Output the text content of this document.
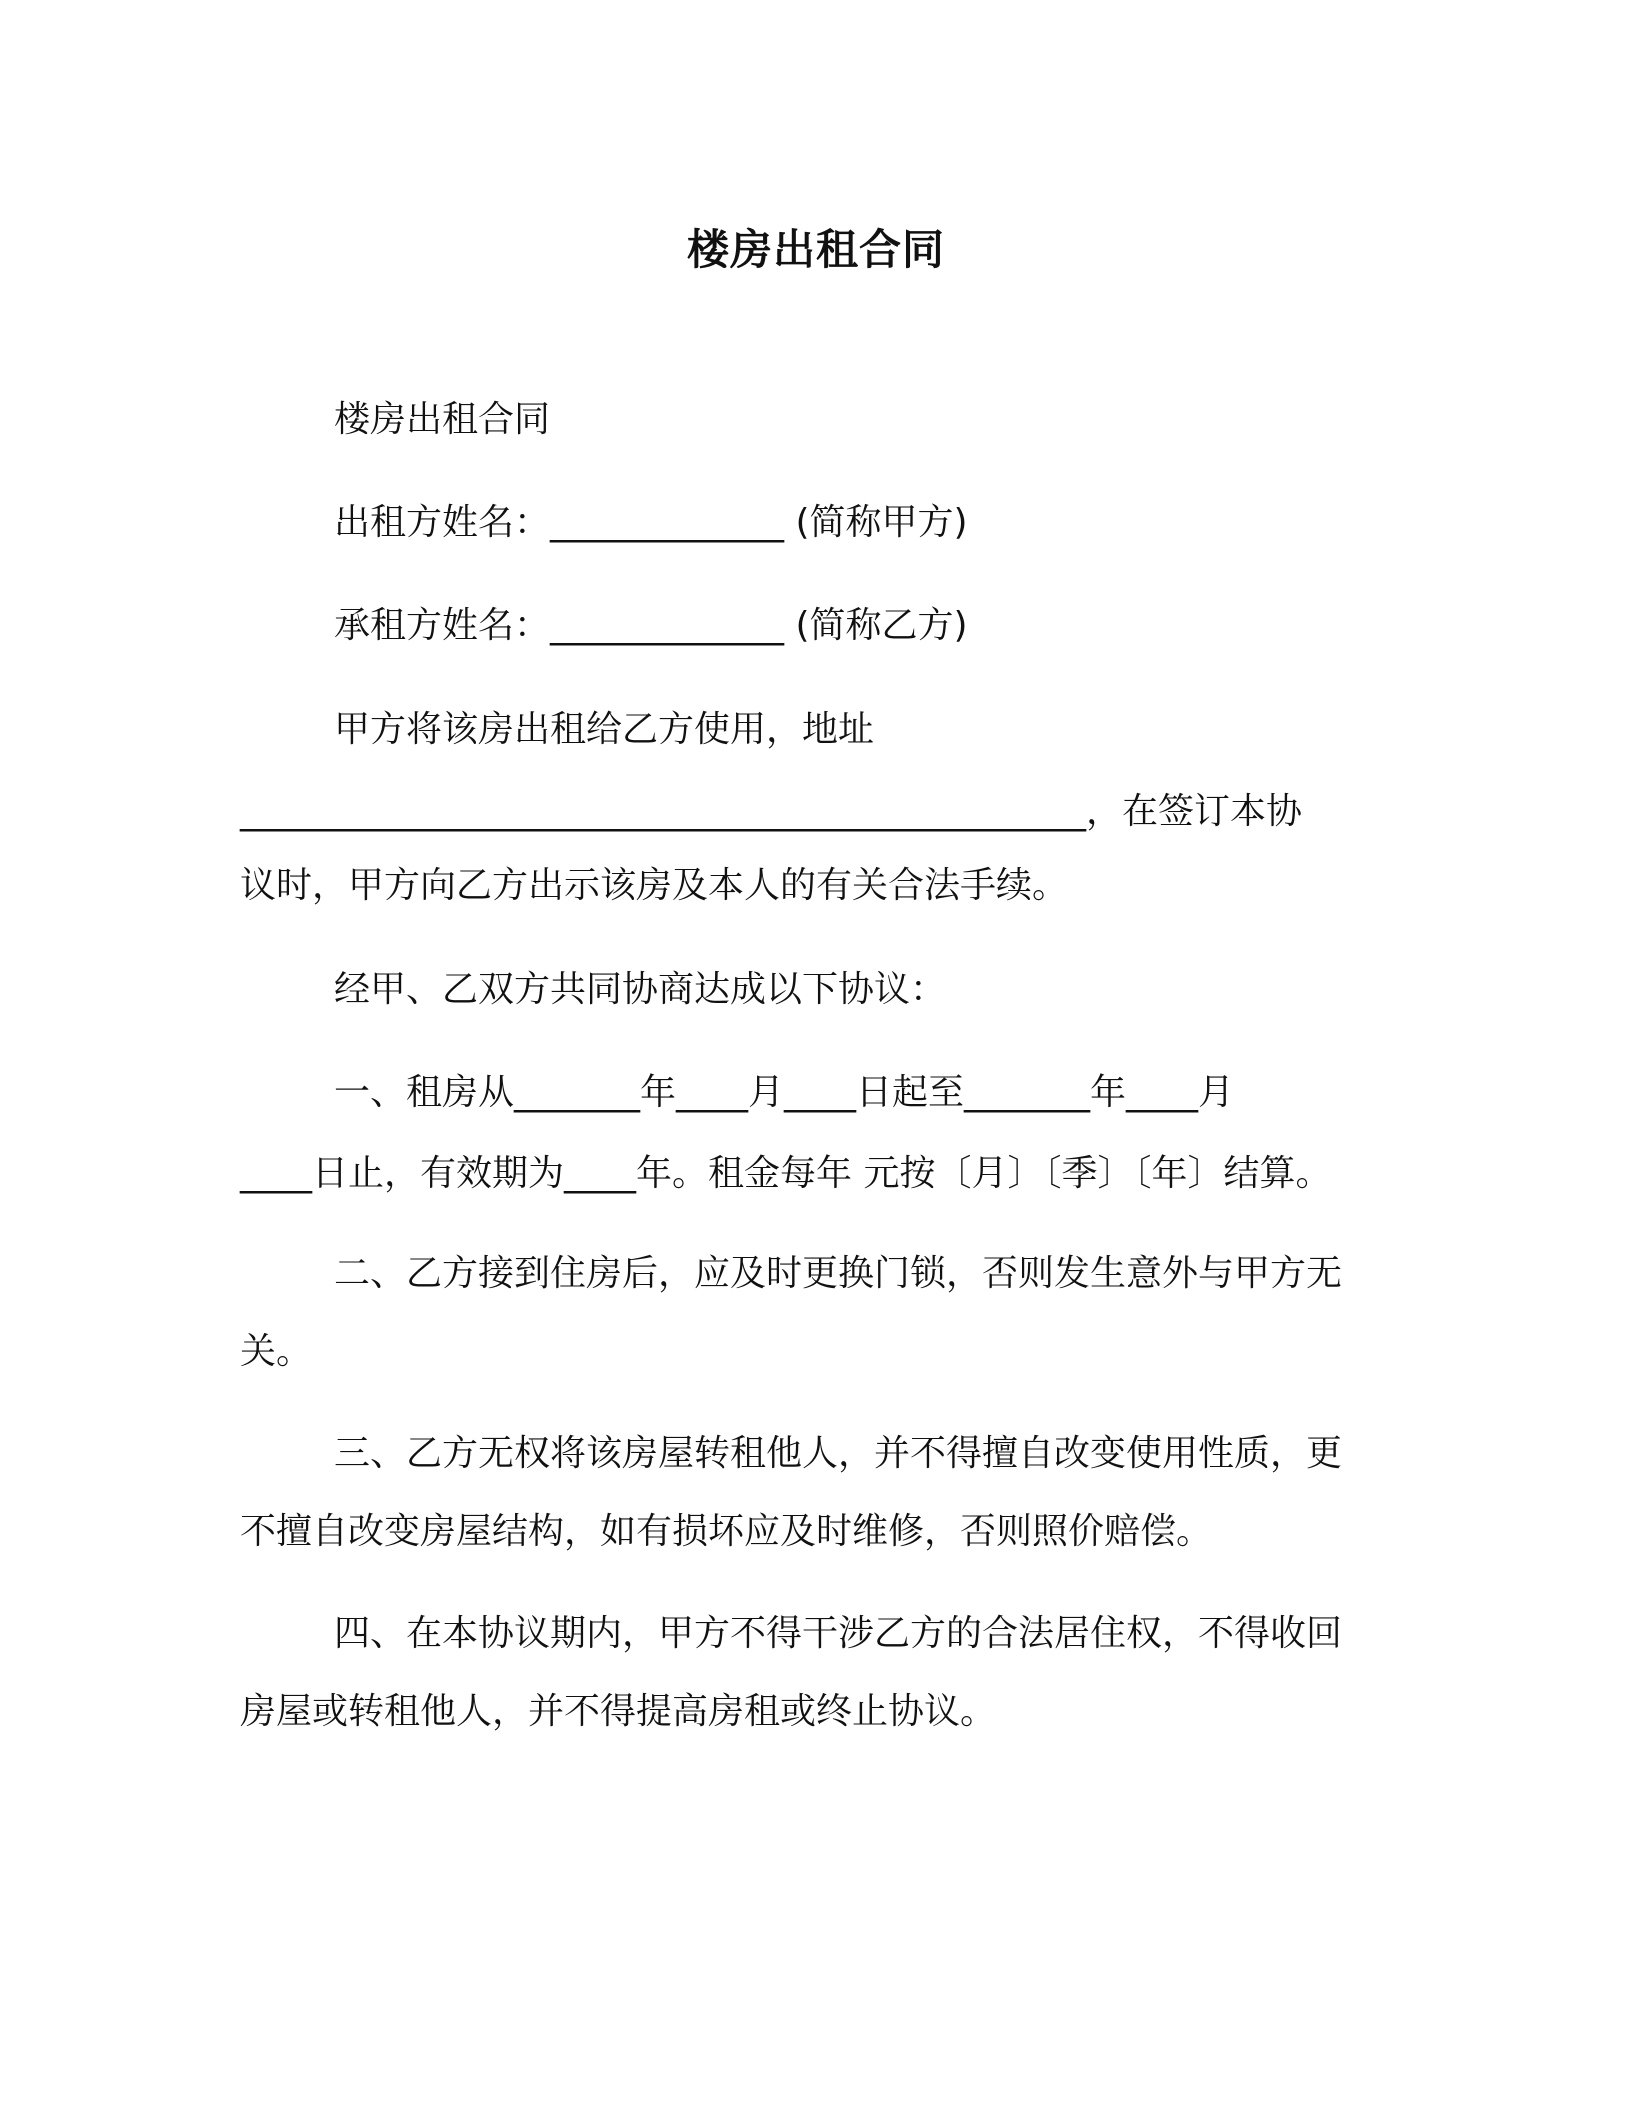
楼房出租合同
楼房出租合同
出租方姓名：_____________ (简称甲方)
承租方姓名：_____________ (简称乙方)
甲方将该房出租给乙方使用，地址
_______________________________________________，在签订本协
议时，甲方向乙方出示该房及本人的有关合法手续。
经甲、乙双方共同协商达成以下协议：
一、租房从_______年____月____日起至_______年____月
____日止，有效期为____年。租金每年 元按〔月〕〔季〕〔年〕结算。
二、乙方接到住房后，应及时更换门锁，否则发生意外与甲方无
关。
三、乙方无权将该房屋转租他人，并不得擅自改变使用性质，更
不擅自改变房屋结构，如有损坏应及时维修，否则照价赔偿。
四、在本协议期内，甲方不得干涉乙方的合法居住权，不得收回
房屋或转租他人，并不得提高房租或终止协议。
